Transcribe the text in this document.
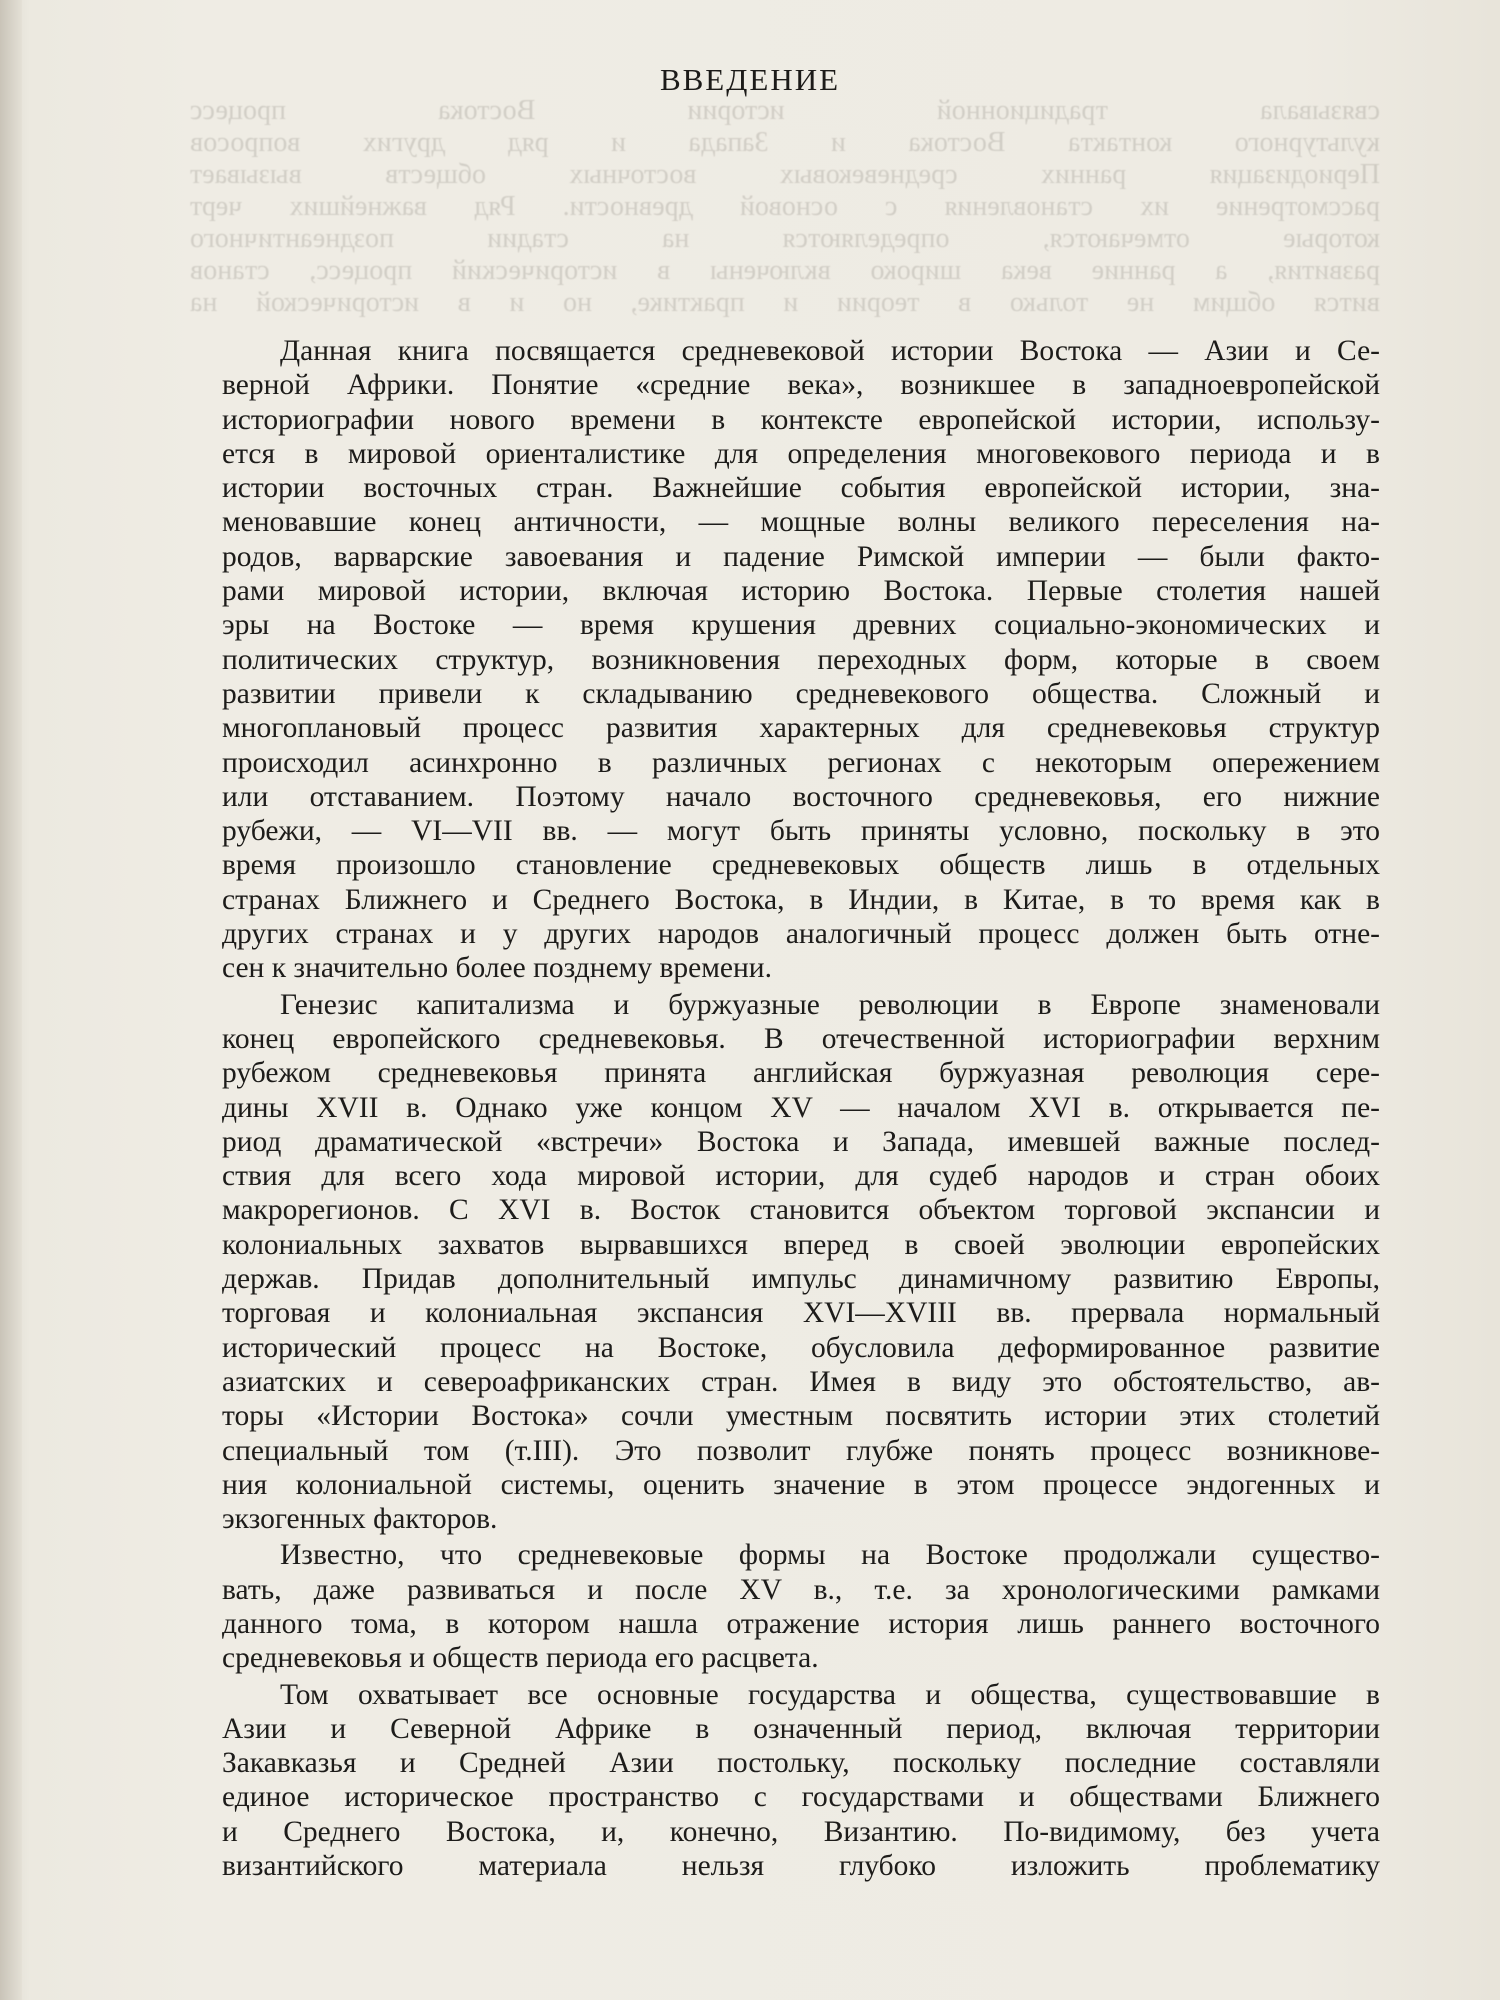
связывала традиционной истории Востока процесс
культурного контакта Востока и Запада и ряд других вопросов
Периодизация ранних средневековых восточных обществ вызывает
рассмотрение их становления с основой древности. Ряд важнейших черт
которые отмечаются, определяются на стадии позднеантичного
развития, а ранние века широко включены в исторический процесс, станов
вится общим не только в теории и практике, но и в исторической на
ВВЕДЕНИЕ
Данная книга посвящается средневековой истории Востока — Азии и Се-
верной Африки. Понятие «средние века», возникшее в западноевропейской
историографии нового времени в контексте европейской истории, использу-
ется в мировой ориенталистике для определения многовекового периода и в
истории восточных стран. Важнейшие события европейской истории, зна-
меновавшие конец античности, — мощные волны великого переселения на-
родов, варварские завоевания и падение Римской империи — были факто-
рами мировой истории, включая историю Востока. Первые столетия нашей
эры на Востоке — время крушения древних социально-экономических и
политических структур, возникновения переходных форм, которые в своем
развитии привели к складыванию средневекового общества. Сложный и
многоплановый процесс развития характерных для средневековья структур
происходил асинхронно в различных регионах с некоторым опережением
или отставанием. Поэтому начало восточного средневековья, его нижние
рубежи, — VI—VII вв. — могут быть приняты условно, поскольку в это
время произошло становление средневековых обществ лишь в отдельных
странах Ближнего и Среднего Востока, в Индии, в Китае, в то время как в
других странах и у других народов аналогичный процесс должен быть отне-
сен к значительно более позднему времени.
Генезис капитализма и буржуазные революции в Европе знаменовали
конец европейского средневековья. В отечественной историографии верхним
рубежом средневековья принята английская буржуазная революция сере-
дины XVII в. Однако уже концом XV — началом XVI в. открывается пе-
риод драматической «встречи» Востока и Запада, имевшей важные послед-
ствия для всего хода мировой истории, для судеб народов и стран обоих
макрорегионов. С XVI в. Восток становится объектом торговой экспансии и
колониальных захватов вырвавшихся вперед в своей эволюции европейских
держав. Придав дополнительный импульс динамичному развитию Европы,
торговая и колониальная экспансия XVI—XVIII вв. прервала нормальный
исторический процесс на Востоке, обусловила деформированное развитие
азиатских и североафриканских стран. Имея в виду это обстоятельство, ав-
торы «Истории Востока» сочли уместным посвятить истории этих столетий
специальный том (т.III). Это позволит глубже понять процесс возникнове-
ния колониальной системы, оценить значение в этом процессе эндогенных и
экзогенных факторов.
Известно, что средневековые формы на Востоке продолжали существо-
вать, даже развиваться и после XV в., т.е. за хронологическими рамками
данного тома, в котором нашла отражение история лишь раннего восточного
средневековья и обществ периода его расцвета.
Том охватывает все основные государства и общества, существовавшие в
Азии и Северной Африке в означенный период, включая территории
Закавказья и Средней Азии постольку, поскольку последние составляли
единое историческое пространство с государствами и обществами Ближнего
и Среднего Востока, и, конечно, Византию. По-видимому, без учета
византийского материала нельзя глубоко изложить проблематику
